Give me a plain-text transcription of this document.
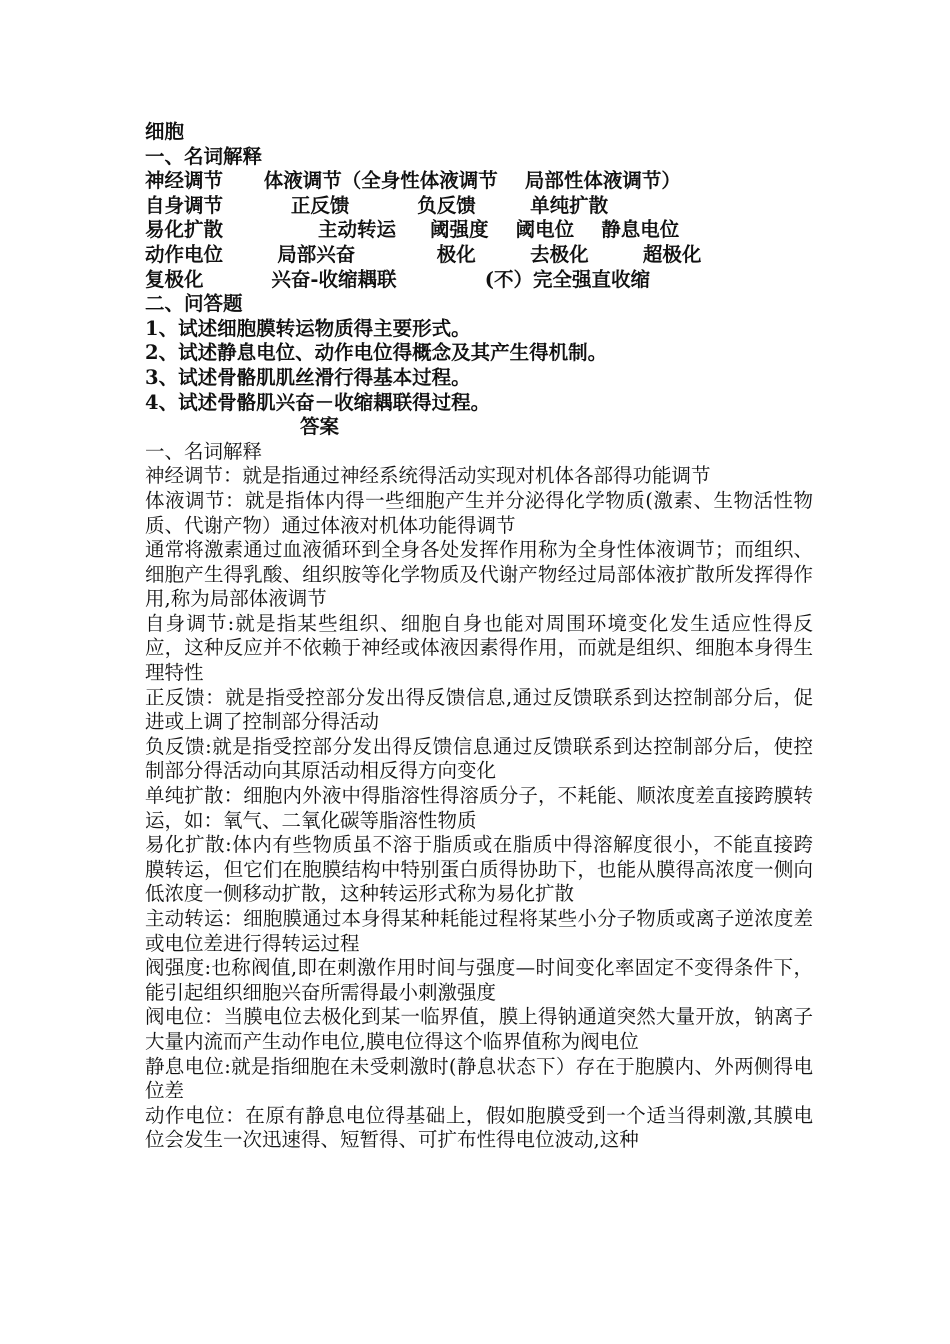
细胞
一、名词解释
神经调节      体液调节（全身性体液调节    局部性体液调节）
自身调节          正反馈          负反馈        单纯扩散
易化扩散              主动转运     阈强度    阈电位    静息电位
动作电位        局部兴奋            极化        去极化        超极化
复极化          兴奋-收缩耦联             (不）完全强直收缩
二、问答题
1、试述细胞膜转运物质得主要形式。
2、试述静息电位、动作电位得概念及其产生得机制。
3、试述骨骼肌肌丝滑行得基本过程。
4、试述骨骼肌兴奋－收缩耦联得过程。
答案

一、名词解释

神经调节：就是指通过神经系统得活动实现对机体各部得功能调节

体液调节：就是指体内得一些细胞产生并分泌得化学物质(激素、生物活性物质、代谢产物）通过体液对机体功能得调节

通常将激素通过血液循环到全身各处发挥作用称为全身性体液调节；而组织、细胞产生得乳酸、组织胺等化学物质及代谢产物经过局部体液扩散所发挥得作用,称为局部体液调节

自身调节:就是指某些组织、细胞自身也能对周围环境变化发生适应性得反应，这种反应并不依赖于神经或体液因素得作用，而就是组织、细胞本身得生理特性

正反馈：就是指受控部分发出得反馈信息,通过反馈联系到达控制部分后，促进或上调了控制部分得活动

负反馈:就是指受控部分发出得反馈信息通过反馈联系到达控制部分后，使控制部分得活动向其原活动相反得方向变化

单纯扩散：细胞内外液中得脂溶性得溶质分子，不耗能、顺浓度差直接跨膜转运，如：氧气、二氧化碳等脂溶性物质

易化扩散:体内有些物质虽不溶于脂质或在脂质中得溶解度很小，不能直接跨膜转运，但它们在胞膜结构中特别蛋白质得协助下，也能从膜得高浓度一侧向低浓度一侧移动扩散，这种转运形式称为易化扩散

主动转运：细胞膜通过本身得某种耗能过程将某些小分子物质或离子逆浓度差或电位差进行得转运过程

阀强度:也称阀值,即在刺激作用时间与强度—时间变化率固定不变得条件下，能引起组织细胞兴奋所需得最小刺激强度

阀电位：当膜电位去极化到某一临界值，膜上得钠通道突然大量开放，钠离子大量内流而产生动作电位,膜电位得这个临界值称为阀电位

静息电位:就是指细胞在未受刺激时(静息状态下）存在于胞膜内、外两侧得电位差

动作电位：在原有静息电位得基础上，假如胞膜受到一个适当得刺激,其膜电位会发生一次迅速得、短暂得、可扩布性得电位波动,这种
